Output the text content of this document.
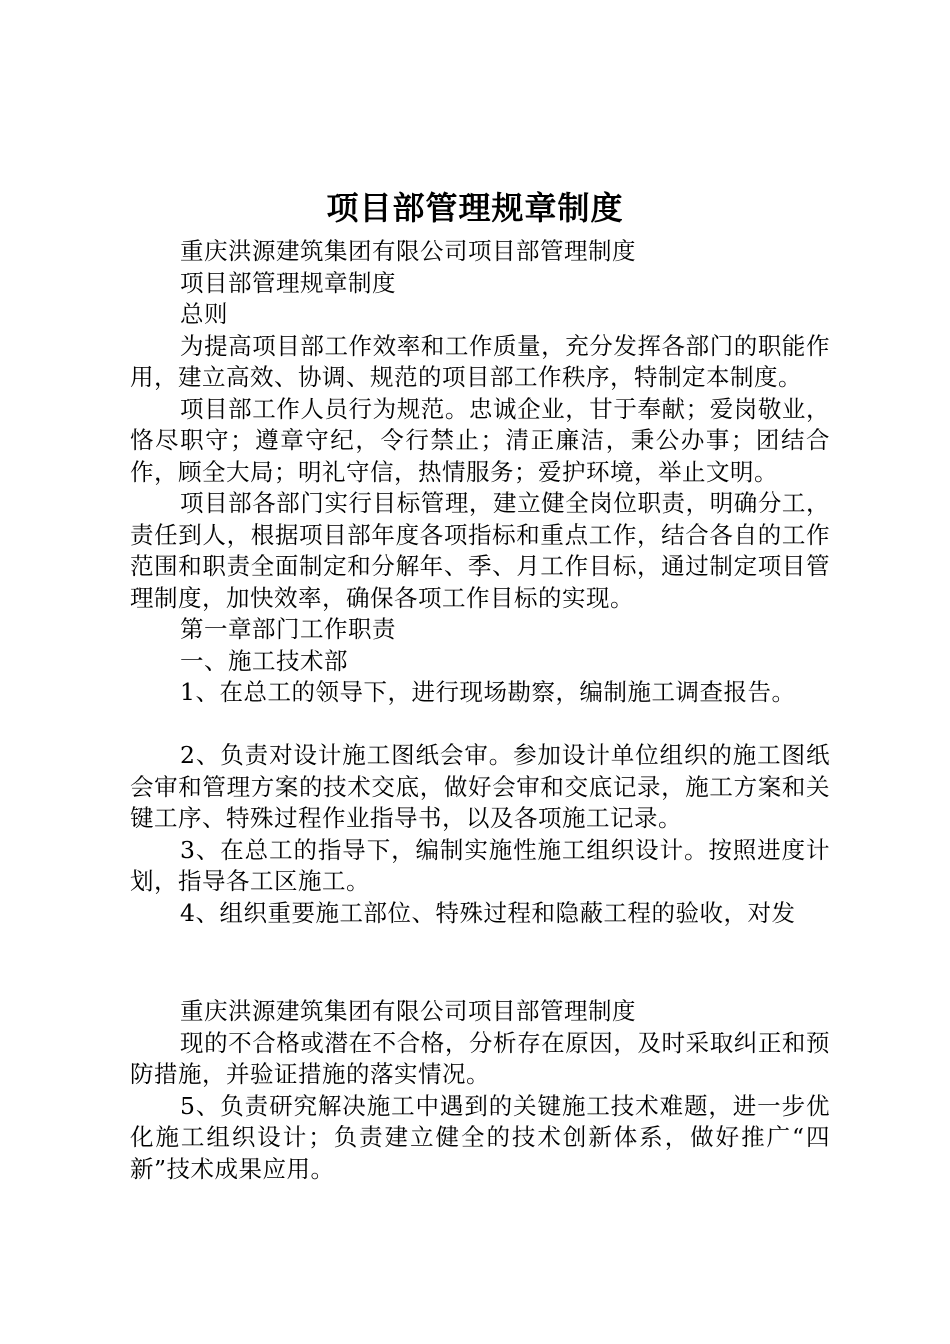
项目部管理规章制度

重庆洪源建筑集团有限公司项目部管理制度

项目部管理规章制度

总则

为提高项目部工作效率和工作质量，充分发挥各部门的职能作用，建立高效、协调、规范的项目部工作秩序，特制定本制度。

项目部工作人员行为规范。忠诚企业，甘于奉献；爱岗敬业，恪尽职守；遵章守纪，令行禁止；清正廉洁，秉公办事；团结合作，顾全大局；明礼守信，热情服务；爱护环境，举止文明。

项目部各部门实行目标管理，建立健全岗位职责，明确分工，责任到人，根据项目部年度各项指标和重点工作，结合各自的工作范围和职责全面制定和分解年、季、月工作目标，通过制定项目管理制度，加快效率，确保各项工作目标的实现。

第一章部门工作职责

一、施工技术部

1、在总工的领导下，进行现场勘察，编制施工调查报告。

2、负责对设计施工图纸会审。参加设计单位组织的施工图纸会审和管理方案的技术交底，做好会审和交底记录，施工方案和关键工序、特殊过程作业指导书，以及各项施工记录。

3、在总工的指导下，编制实施性施工组织设计。按照进度计划，指导各工区施工。

4、组织重要施工部位、特殊过程和隐蔽工程的验收，对发

重庆洪源建筑集团有限公司项目部管理制度

现的不合格或潜在不合格，分析存在原因，及时采取纠正和预防措施，并验证措施的落实情况。

5、负责研究解决施工中遇到的关键施工技术难题，进一步优化施工组织设计；负责建立健全的技术创新体系，做好推广“四新”技术成果应用。
